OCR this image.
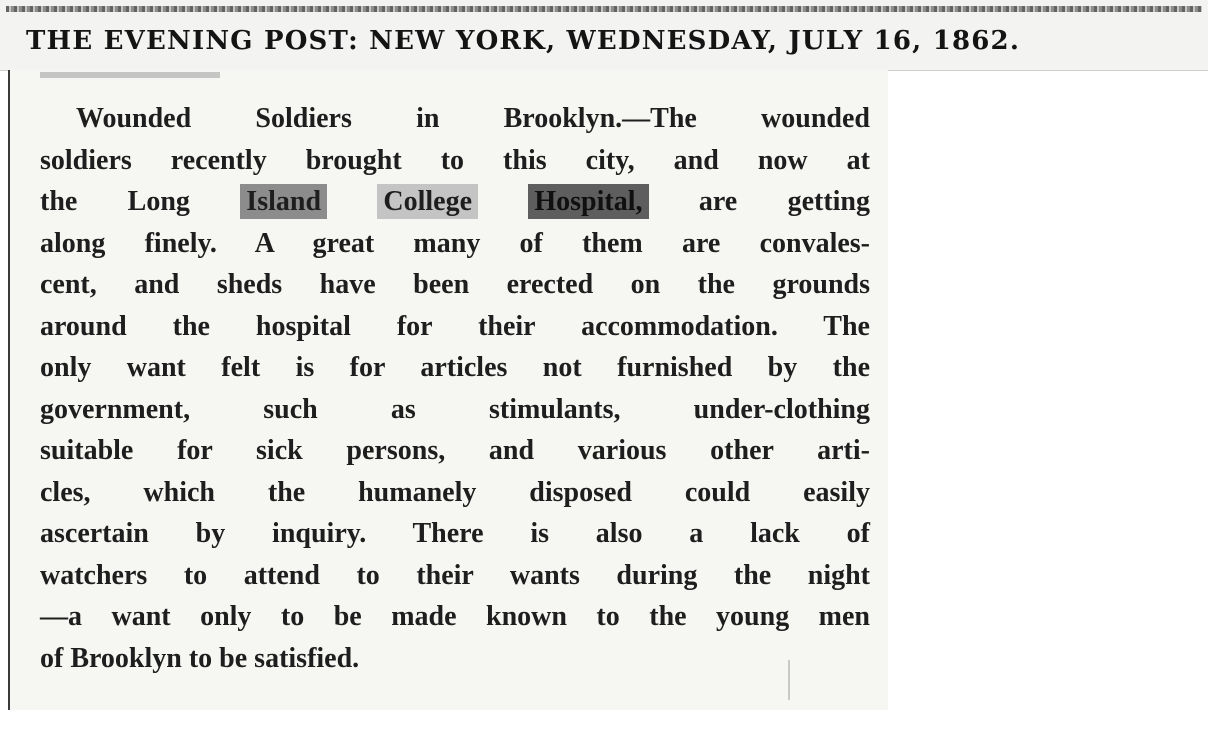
THE EVENING POST: NEW YORK, WEDNESDAY, JULY 16, 1862.
Wounded Soldiers in Brooklyn.—The wounded
soldiers recently brought to this city, and now at
the Long Island College Hospital, are getting
along finely. A great many of them are convales-
cent, and sheds have been erected on the grounds
around the hospital for their accommodation. The
only want felt is for articles not furnished by the
government, such as stimulants, under-clothing
suitable for sick persons, and various other arti-
cles, which the humanely disposed could easily
ascertain by inquiry. There is also a lack of
watchers to attend to their wants during the night
—a want only to be made known to the young men
of Brooklyn to be satisfied.
